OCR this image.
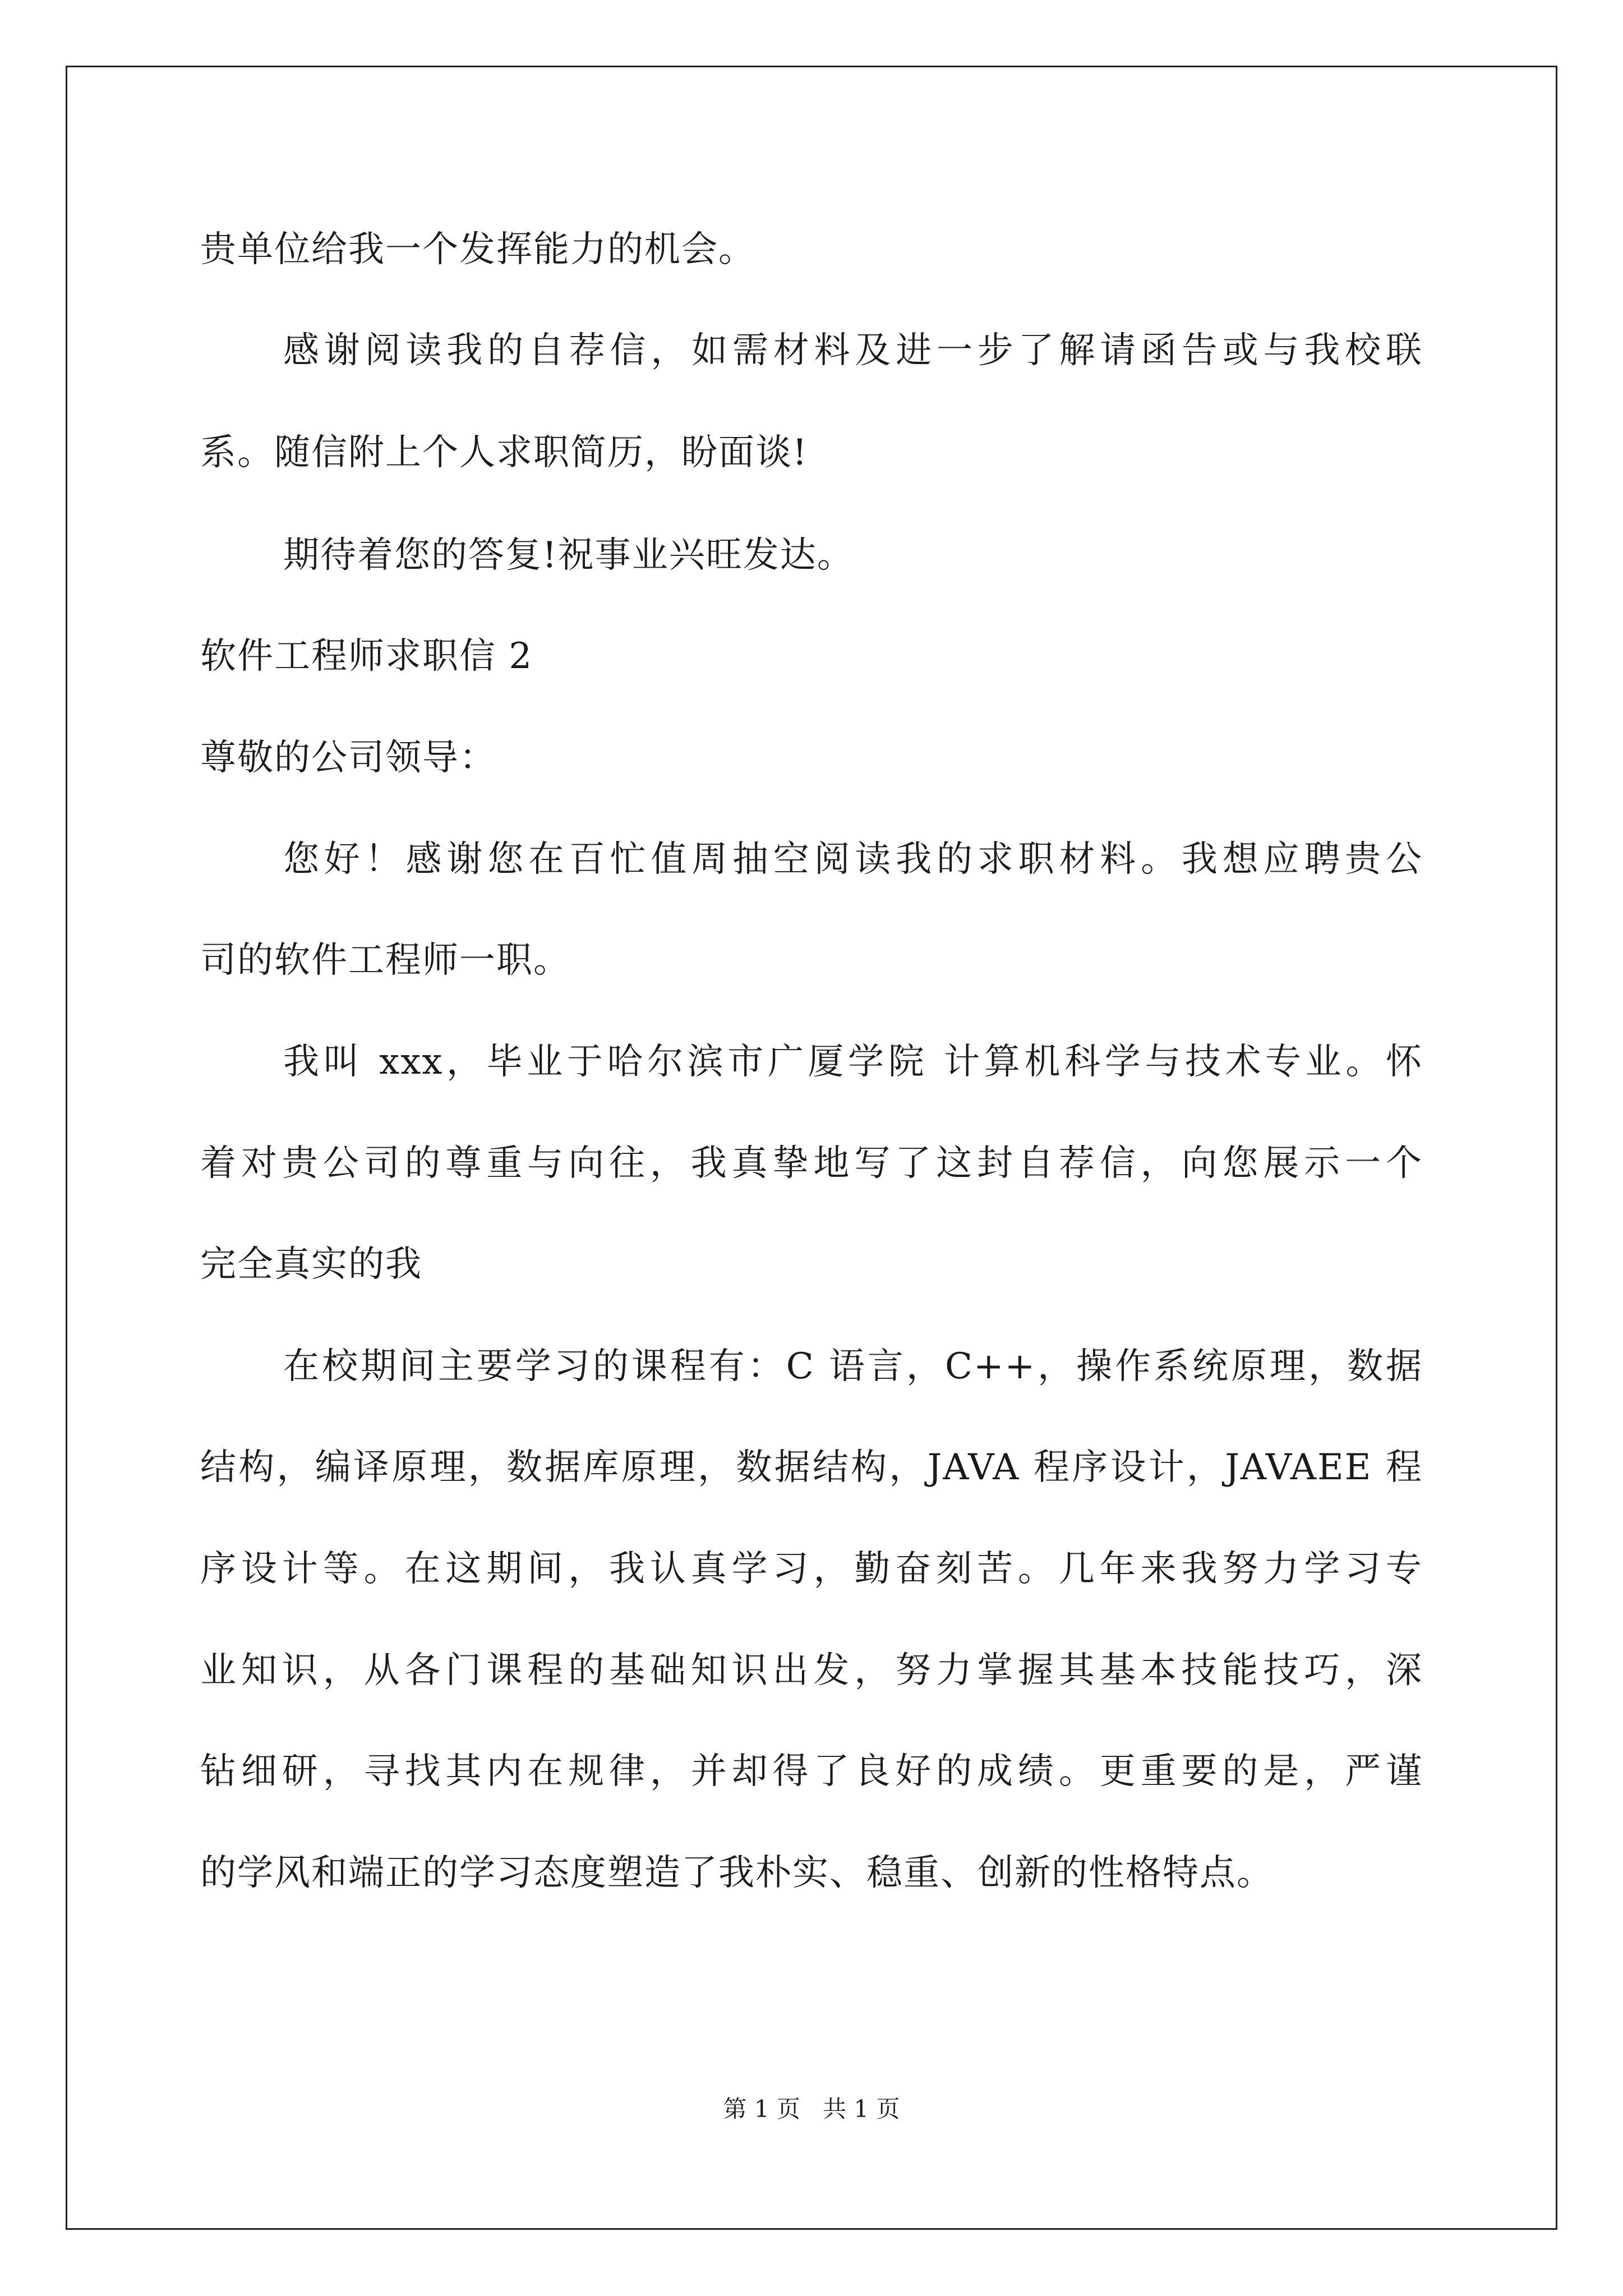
贵单位给我一个发挥能力的机会。
感谢阅读我的自荐信，如需材料及进一步了解请函告或与我校联
系。随信附上个人求职简历，盼面谈!
期待着您的答复!祝事业兴旺发达。
软件工程师求职信 2
尊敬的公司领导：
您好！感谢您在百忙值周抽空阅读我的求职材料。我想应聘贵公
司的软件工程师一职。
我叫 xxx，毕业于哈尔滨市广厦学院 计算机科学与技术专业。怀
着对贵公司的尊重与向往，我真挚地写了这封自荐信，向您展示一个
完全真实的我
在校期间主要学习的课程有：C 语言，C++，操作系统原理，数据
结构，编译原理，数据库原理，数据结构，JAVA 程序设计，JAVAEE 程
序设计等。在这期间，我认真学习，勤奋刻苦。几年来我努力学习专
业知识，从各门课程的基础知识出发，努力掌握其基本技能技巧，深
钻细研，寻找其内在规律，并却得了良好的成绩。更重要的是，严谨
的学风和端正的学习态度塑造了我朴实、稳重、创新的性格特点。
第 1 页   共 1 页
